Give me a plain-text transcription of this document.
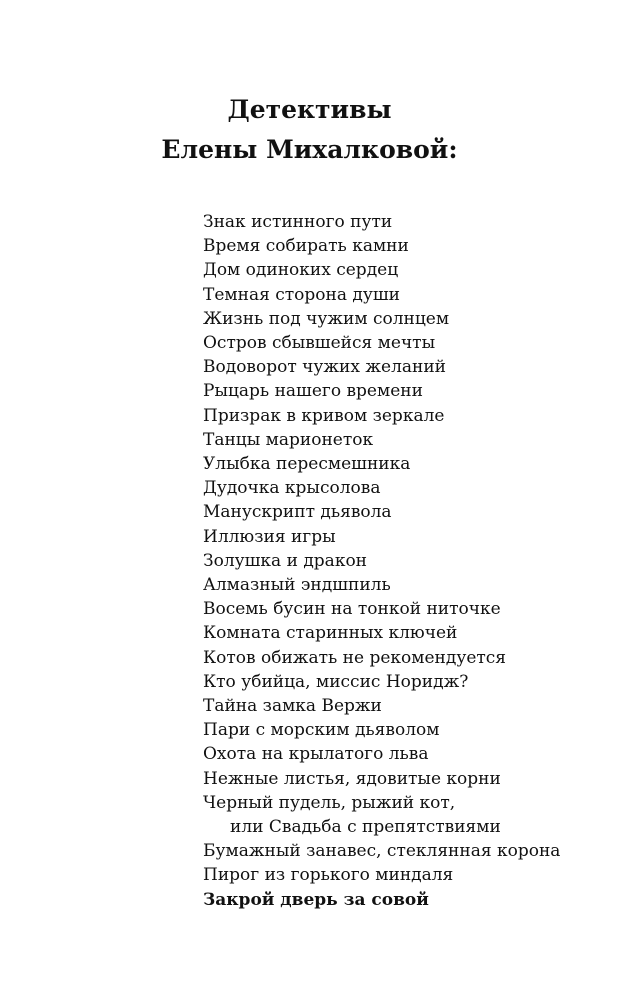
Детективы
Елены Михалковой:
Знак истинного пути
Время собирать камни
Дом одиноких сердец
Темная сторона души
Жизнь под чужим солнцем
Остров сбывшейся мечты
Водоворот чужих желаний
Рыцарь нашего времени
Призрак в кривом зеркале
Танцы марионеток
Улыбка пересмешника
Дудочка крысолова
Манускрипт дьявола
Иллюзия игры
Золушка и дракон
Алмазный эндшпиль
Восемь бусин на тонкой ниточке
Комната старинных ключей
Котов обижать не рекомендуется
Кто убийца, миссис Норидж?
Тайна замка Вержи
Пари с морским дьяволом
Охота на крылатого льва
Нежные листья, ядовитые корни
Черный пудель, рыжий кот,
или Свадьба с препятствиями
Бумажный занавес, стеклянная корона
Пирог из горького миндаля
Закрой дверь за совой
